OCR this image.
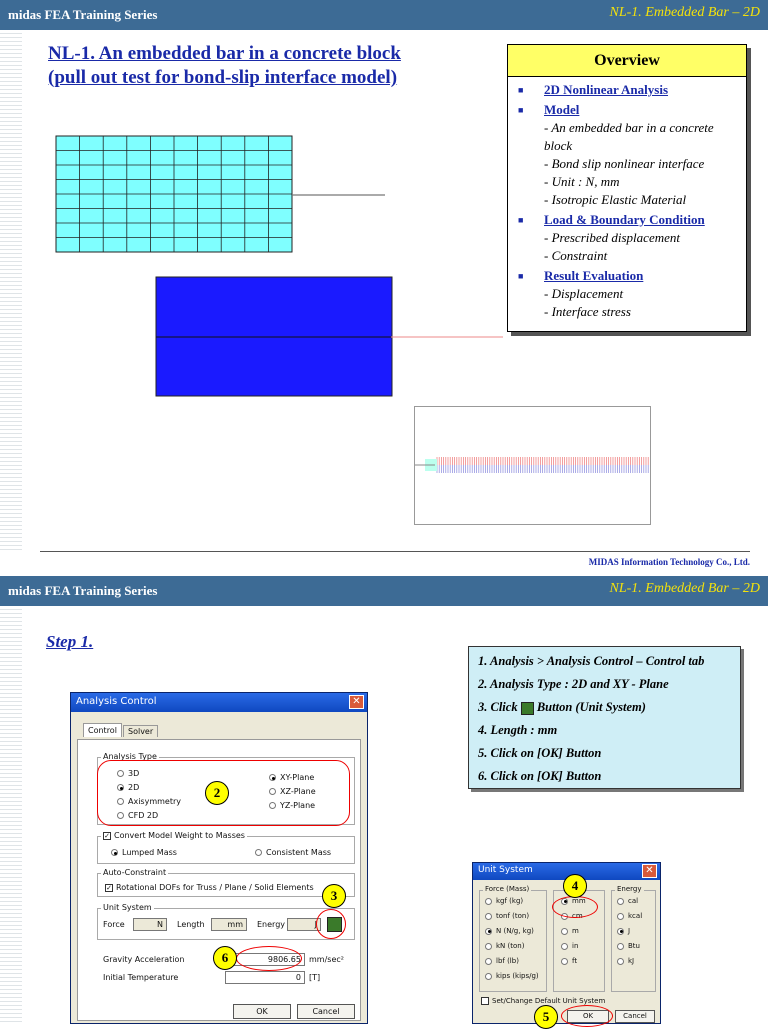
midas FEA Training Series	NL-1. Embedded Bar – 2D
NL-1. An embedded bar in a concrete block
(pull out test for bond-slip interface model)
Overview
■ 2D Nonlinear Analysis
■ Model
- An embedded bar in a concrete block
- Bond slip nonlinear interface
- Unit : N, mm
- Isotropic Elastic Material
■ Load & Boundary Condition
- Prescribed displacement
- Constraint
■ Result Evaluation
- Displacement
- Interface stress
MIDAS Information Technology Co., Ltd.
midas FEA Training Series	NL-1. Embedded Bar – 2D
Step 1.
1. Analysis > Analysis Control – Control tab
2. Analysis Type : 2D and XY - Plane
3. Click Button (Unit System)
4. Length : mm
5. Click on [OK] Button
6. Click on [OK] Button
Analysis Control	✕
Control	Solver
Analysis Type
3D
2D
Axisymmetry
CFD 2D
XY-Plane
XZ-Plane
YZ-Plane
✓ Convert Model Weight to Masses
Lumped Mass	Consistent Mass
Auto-Constraint
✓ Rotational DOFs for Truss / Plane / Solid Elements
Unit System
Force	N	Length	mm	Energy	J
Gravity Acceleration	9806.65	mm/sec²
Initial Temperature	0	[T]
OK	Cancel
Unit System	✕
Force (Mass)	Energy
Set/Change Default Unit System
OK	Cancel
kgf (kg)
tonf (ton)
N (N/g, kg)
kN (ton)
lbf (lb)
kips (kips/g)
mm
cm
m
in
ft
cal
kcal
J
Btu
kJ
2
3
4
5
6
